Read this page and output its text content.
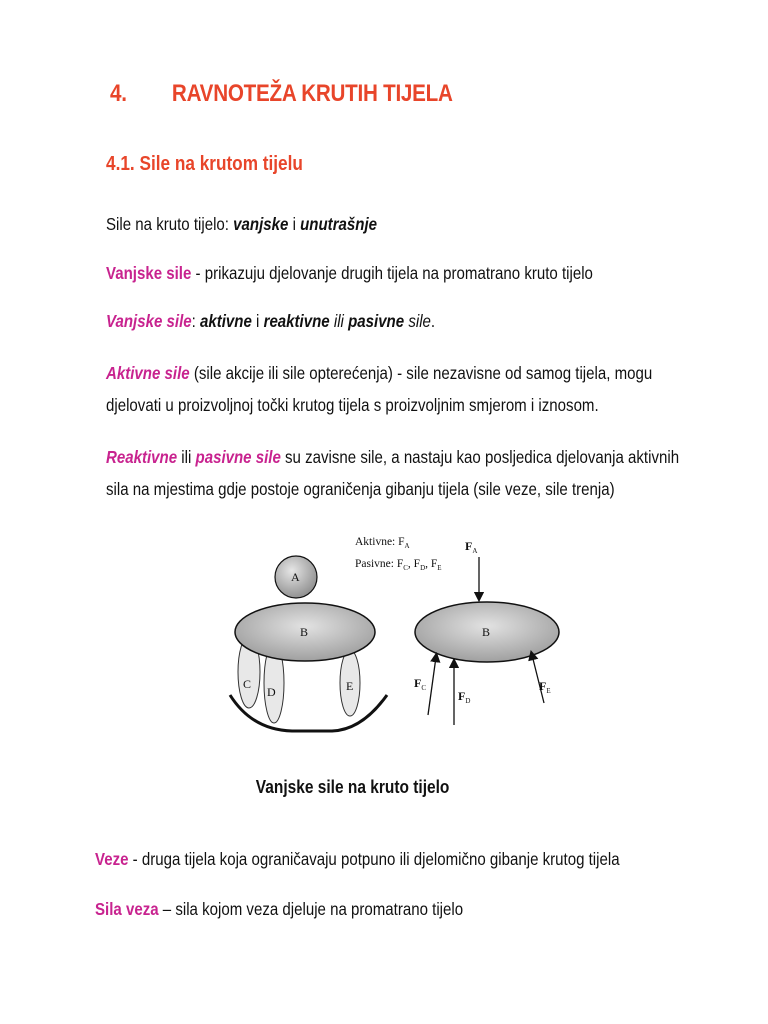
4. RAVNOTEŽA KRUTIH TIJELA
4.1. Sile na krutom tijelu
Sile na kruto tijelo: vanjske i unutrašnje
Vanjske sile - prikazuju djelovanje drugih tijela na promatrano kruto tijelo
Vanjske sile: aktivne i reaktivne ili pasivne sile.
Aktivne sile (sile akcije ili sile opterećenja) - sile nezavisne od samog tijela, mogu
djelovati u proizvoljnoj točki krutog tijela s proizvoljnim smjerom i iznosom.
Reaktivne ili pasivne sile su zavisne sile, a nastaju kao posljedica djelovanja aktivnih
sila na mjestima gdje postoje ograničenja gibanju tijela (sile veze, sile trenja)
A
B
C
D	E
Aktivne: $F_A$
Pasivne: $F_C$, $F_D$, $F_E$
B
$F_A$
$F_C$
$F_D$
$F_E$
Vanjske sile na kruto tijelo
Veze - druga tijela koja ograničavaju potpuno ili djelomično gibanje krutog tijela
Sila veza – sila kojom veza djeluje na promatrano tijelo
